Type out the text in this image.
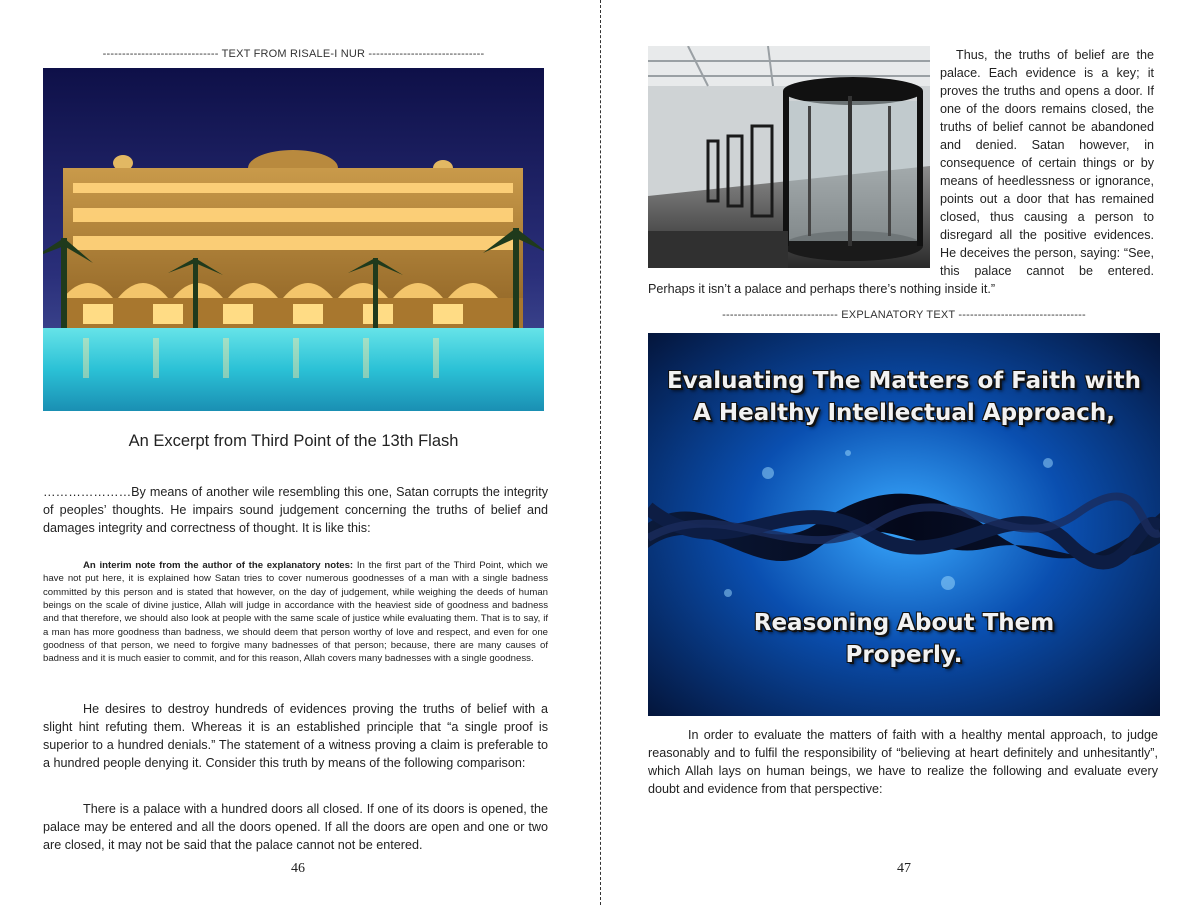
------------------------------ TEXT FROM RISALE-I NUR ------------------------------
An Excerpt from Third Point of the 13th Flash

…………………By means of another wile resembling this one, Satan corrupts the integrity of peoples’ thoughts. He impairs sound judgement concerning the truths of belief and damages integrity and correctness of thought. It is like this:

An interim note from the author of the explanatory notes: In the first part of the Third Point, which we have not put here, it is explained how Satan tries to cover numerous goodnesses of a man with a single badness committed by this person and is stated that however, on the day of judgement, while weighing the deeds of human beings on the scale of divine justice, Allah will judge in accordance with the heaviest side of goodness and badness and that therefore, we should also look at people with the same scale of justice while evaluating them. That is to say, if a man has more goodness than badness, we should deem that person worthy of love and respect, and even for one goodness of that person, we need to forgive many badnesses of that person; because, there are many causes of badness and it is much easier to commit, and for this reason, Allah covers many badnesses with a single goodness.

He desires to destroy hundreds of evidences proving the truths of belief with a slight hint refuting them. Whereas it is an established principle that “a single proof is superior to a hundred denials.” The statement of a witness proving a claim is preferable to a hundred people denying it. Consider this truth by means of the following comparison:

There is a palace with a hundred doors all closed. If one of its doors is opened, the palace may be entered and all the doors opened. If all the doors are open and one or two are closed, it may not be said that the palace cannot not be entered.

46

Thus, the truths of belief are the palace. Each evidence is a key; it proves the truths and opens a door. If one of the doors remains closed, the truths of belief cannot be abandoned and denied. Satan however, in consequence of certain things or by means of heedlessness or ignorance, points out a door that has remained closed, thus causing a person to disregard all the positive evidences. He deceives the person, saying: “See, this palace cannot be entered. Perhaps it isn’t a palace and perhaps there’s nothing inside it.”
------------------------------ EXPLANATORY TEXT ---------------------------------
Evaluating The Matters of Faith with
A Healthy Intellectual Approach,
Reasoning About Them
Properly.

In order to evaluate the matters of faith with a healthy mental approach, to judge reasonably and to fulfil the responsibility of “believing at heart definitely and unhesitantly”, which Allah lays on human beings, we have to realize the following and evaluate every doubt and evidence from that perspective:

47
